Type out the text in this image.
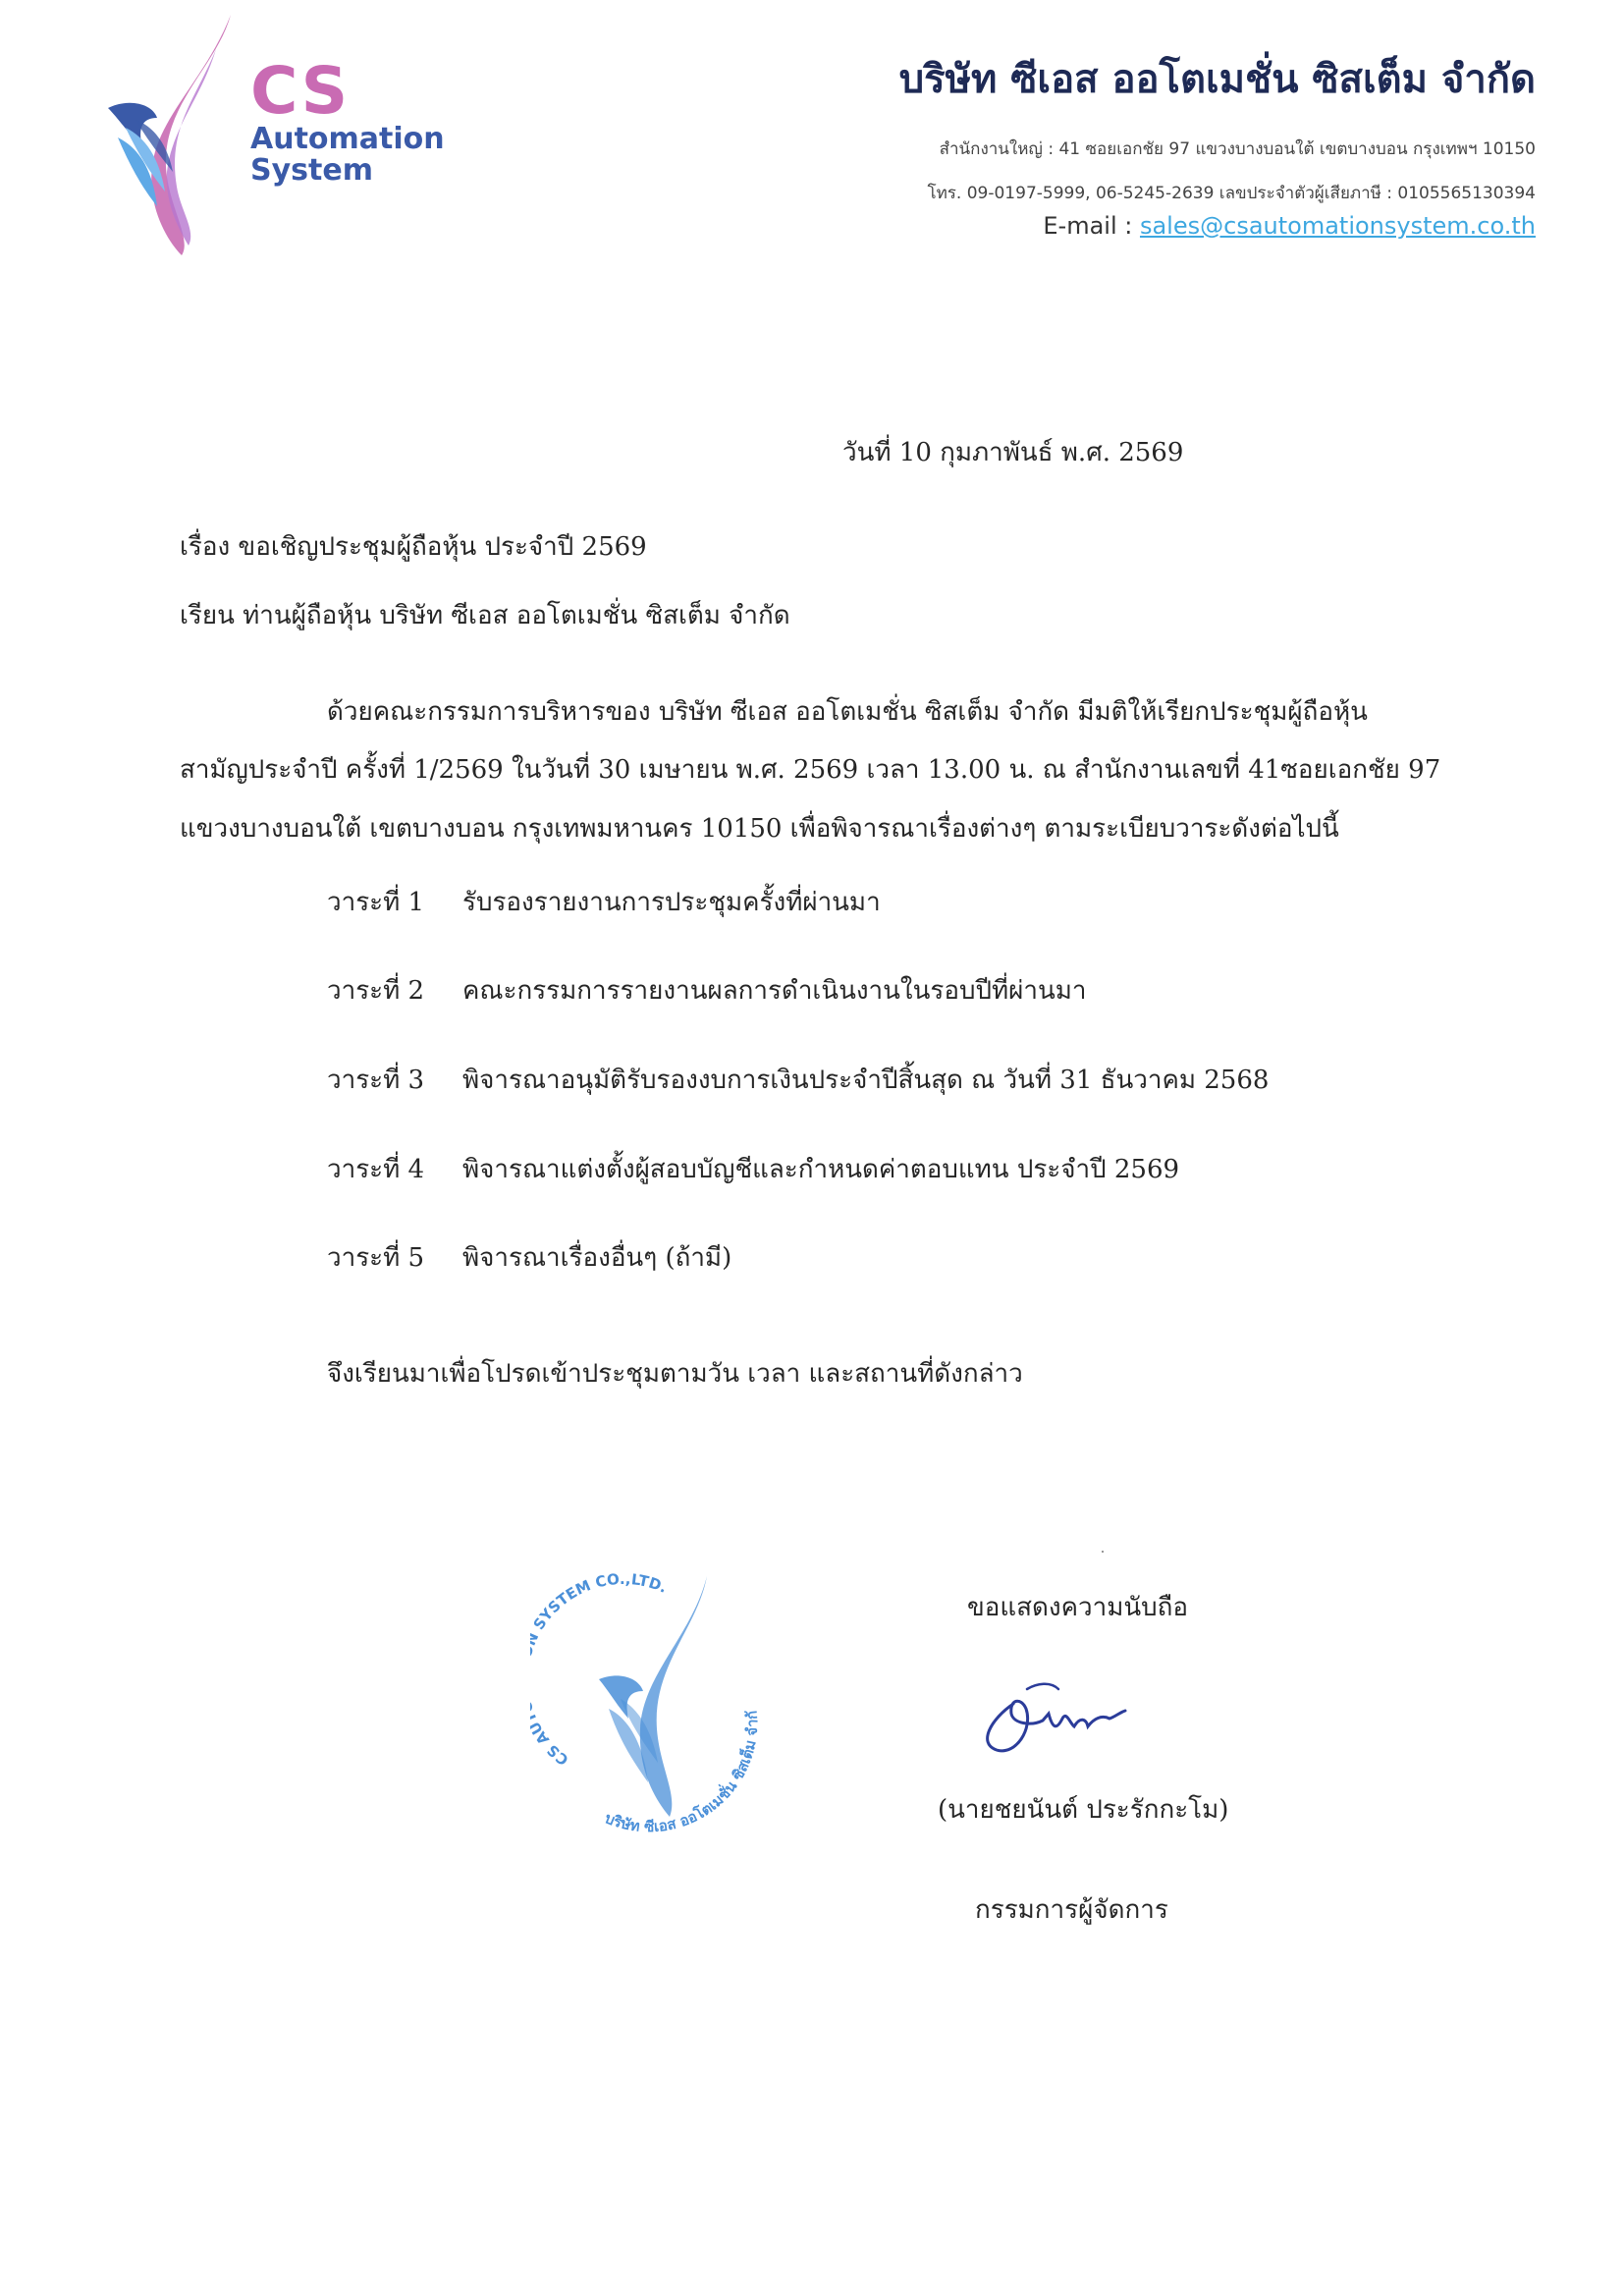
CS
Automation
System
บริษัท ซีเอส ออโตเมชั่น ซิสเต็ม จำกัด
สำนักงานใหญ่ : 41 ซอยเอกชัย 97 แขวงบางบอนใต้ เขตบางบอน กรุงเทพฯ 10150
โทร. 09-0197-5999, 06-5245-2639 เลขประจำตัวผู้เสียภาษี : 0105565130394
E-mail : sales@csautomationsystem.co.th
วันที่ 10 กุมภาพันธ์ พ.ศ. 2569
เรื่อง ขอเชิญประชุมผู้ถือหุ้น ประจำปี 2569
เรียน ท่านผู้ถือหุ้น บริษัท ซีเอส ออโตเมชั่น ซิสเต็ม จำกัด
ด้วยคณะกรรมการบริหารของ บริษัท ซีเอส ออโตเมชั่น ซิสเต็ม จำกัด มีมติให้เรียกประชุมผู้ถือหุ้น
สามัญประจำปี ครั้งที่ 1/2569 ในวันที่ 30 เมษายน พ.ศ. 2569 เวลา 13.00 น. ณ สำนักงานเลขที่ 41ซอยเอกชัย 97
แขวงบางบอนใต้ เขตบางบอน กรุงเทพมหานคร 10150 เพื่อพิจารณาเรื่องต่างๆ ตามระเบียบวาระดังต่อไปนี้
วาระที่ 1 รับรองรายงานการประชุมครั้งที่ผ่านมา
วาระที่ 2 คณะกรรมการรายงานผลการดำเนินงานในรอบปีที่ผ่านมา
วาระที่ 3 พิจารณาอนุมัติรับรองงบการเงินประจำปีสิ้นสุด ณ วันที่ 31 ธันวาคม 2568
วาระที่ 4 พิจารณาแต่งตั้งผู้สอบบัญชีและกำหนดค่าตอบแทน ประจำปี 2569
วาระที่ 5 พิจารณาเรื่องอื่นๆ (ถ้ามี)
จึงเรียนมาเพื่อโปรดเข้าประชุมตามวัน เวลา และสถานที่ดังกล่าว
CS A SYSTEM CO.,LTD.
บริษัท ซีเอส ออโตเมชั่น ซิสเต็ม จำกั
ขอแสดงความนับถือ
(นายชยนันต์ ประรักกะโม)
กรรมการผู้จัดการ
